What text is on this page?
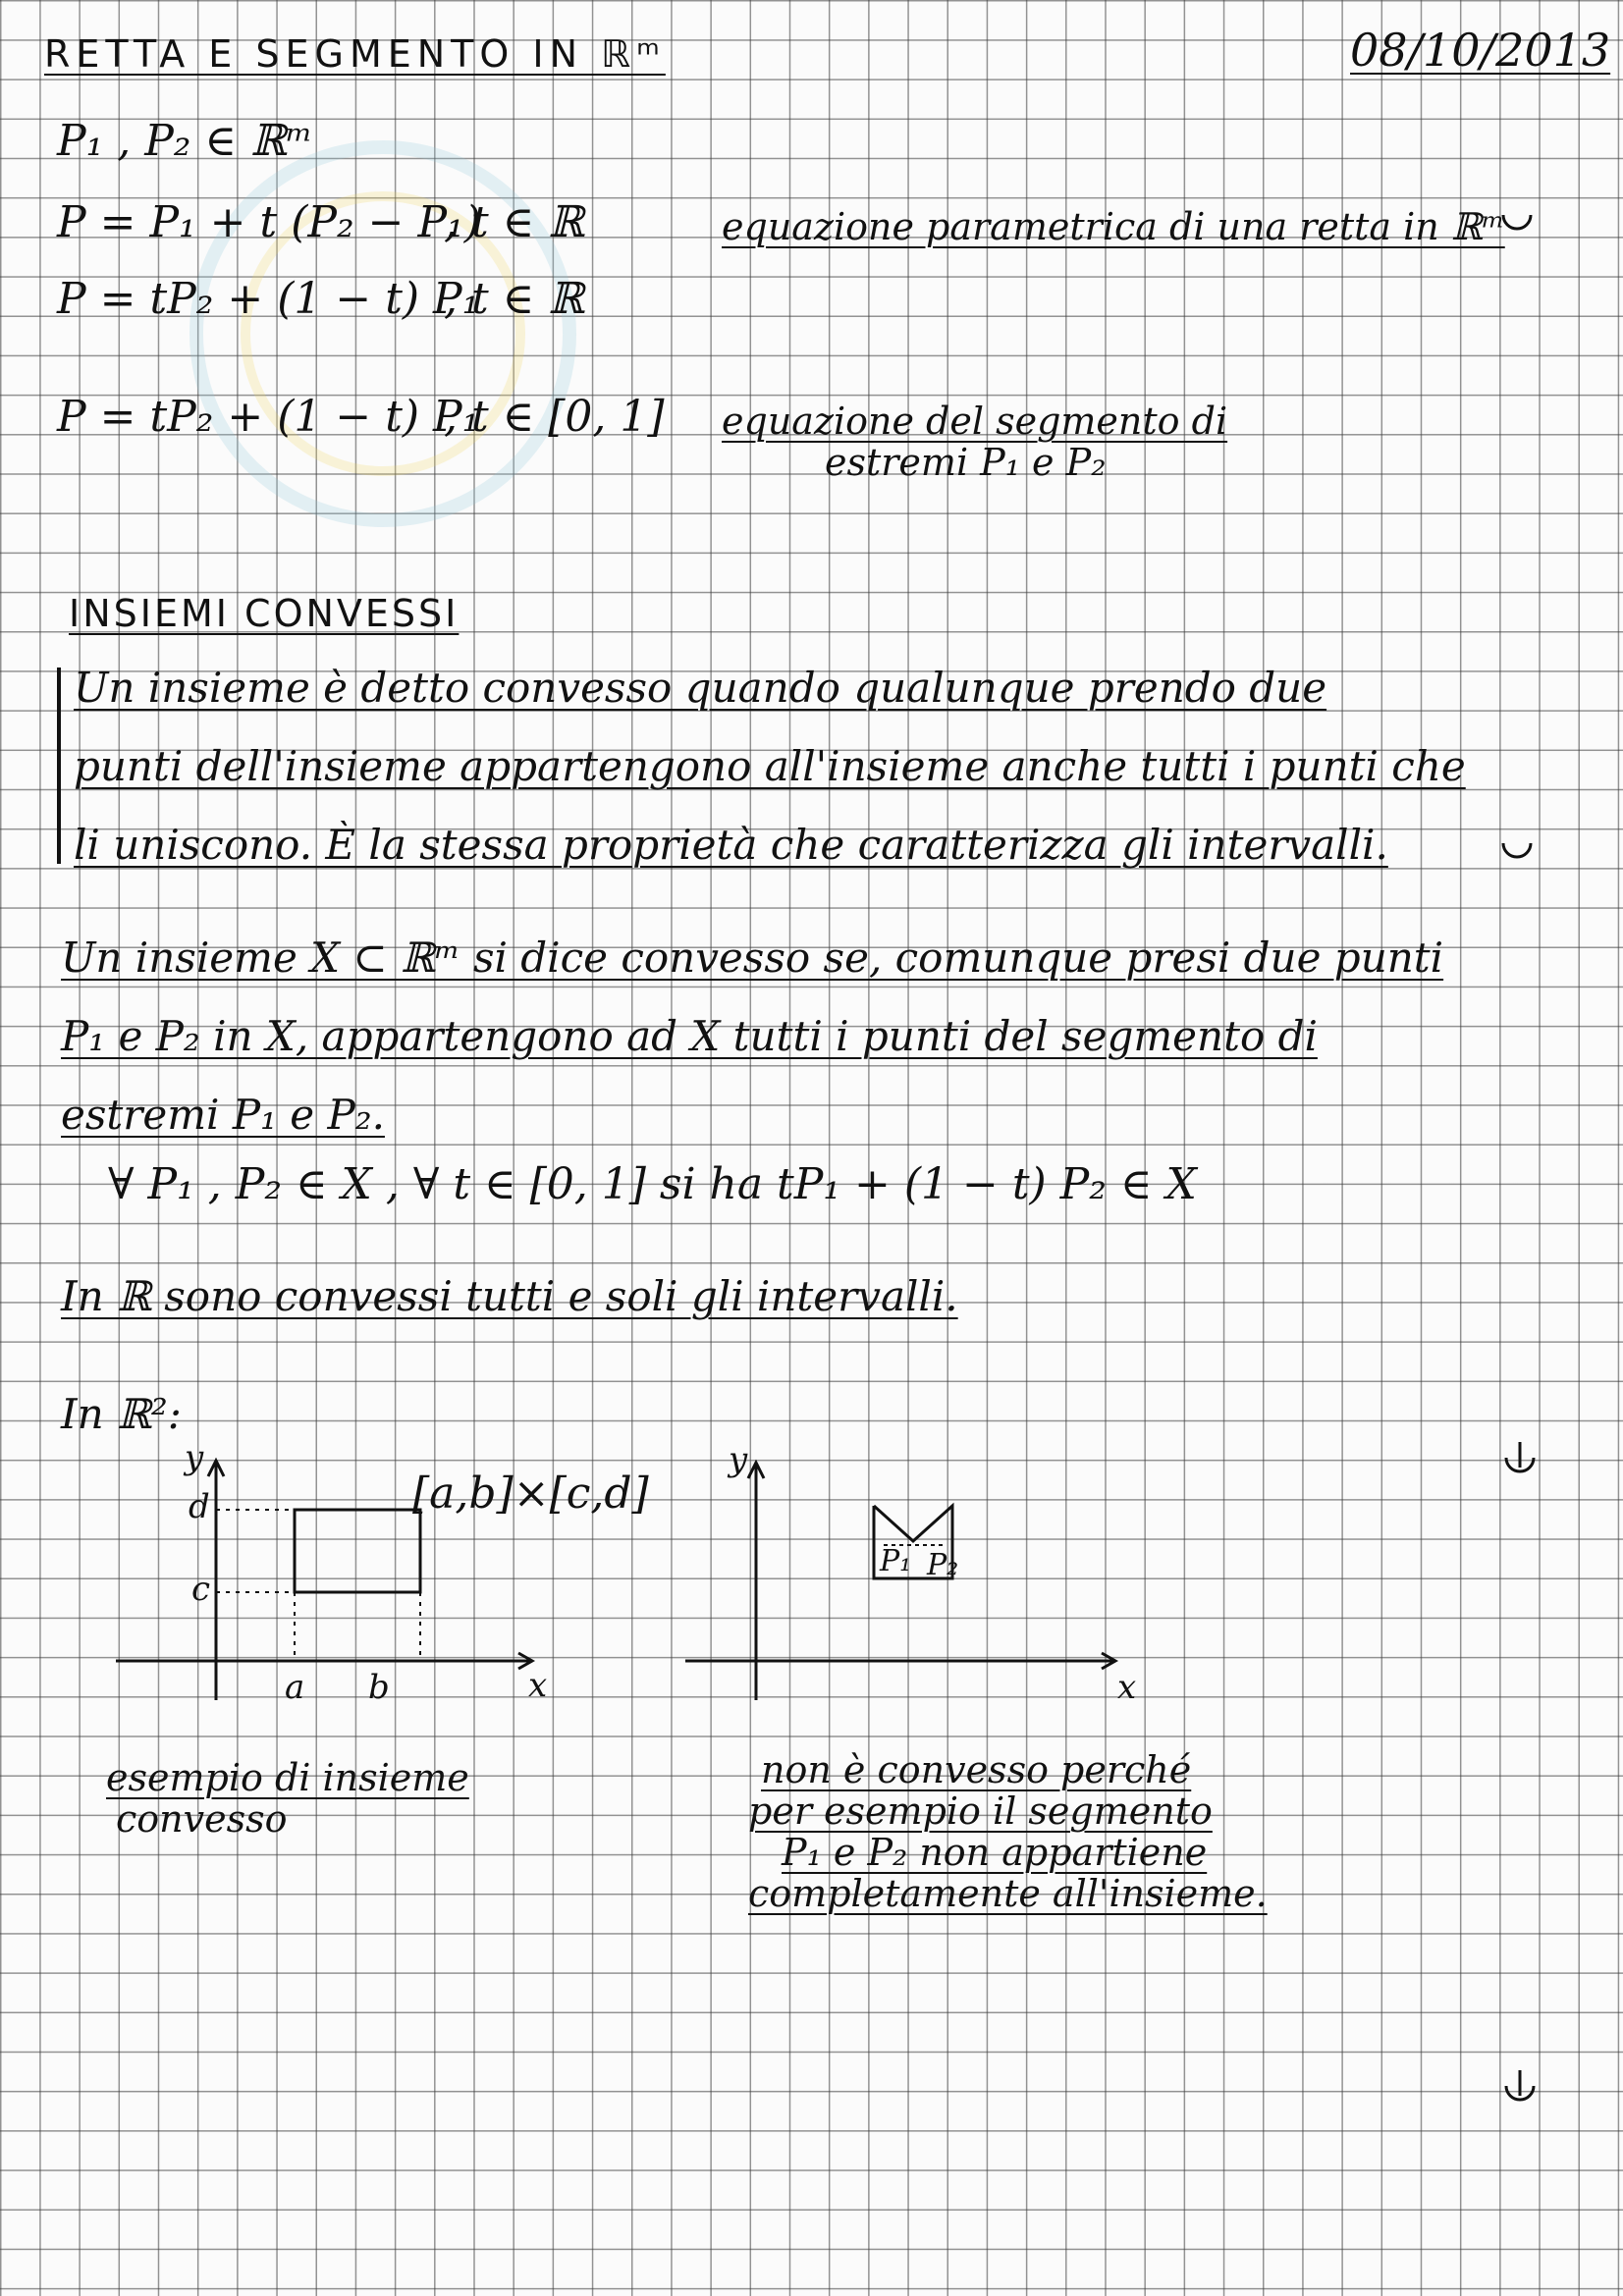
RETTA E SEGMENTO IN ℝᵐ	08/10/2013
P₁ , P₂ ∈ ℝᵐ
P = P₁ + t (P₂ − P₁)
, t ∈ ℝ	equazione parametrica di una retta in ℝᵐ
P = tP₂ + (1 − t) P₁
, t ∈ ℝ
P = tP₂ + (1 − t) P₁
, t ∈ [0, 1] equazione del segmento di
estremi P₁ e P₂
INSIEMI CONVESSI
Un insieme è detto convesso quando qualunque prendo due
punti dell'insieme appartengono all'insieme anche tutti i punti che
li uniscono. È la stessa proprietà che caratterizza gli intervalli.
Un insieme X ⊂ ℝᵐ si dice convesso se, comunque presi due punti
P₁ e P₂ in X, appartengono ad X tutti i punti del segmento di
estremi P₁ e P₂.
∀ P₁ , P₂ ∈ X , ∀ t ∈ [0, 1] si ha tP₁ + (1 − t) P₂ ∈ X
In ℝ sono convessi tutti e soli gli intervalli.
In ℝ²:
y
d
c
a b	x
[a,b]×[c,d]
esempio di insieme
convesso
y
x
P₁ P₂
non è convesso perché
per esempio il segmento
P₁ e P₂ non appartiene
completamente all'insieme.
